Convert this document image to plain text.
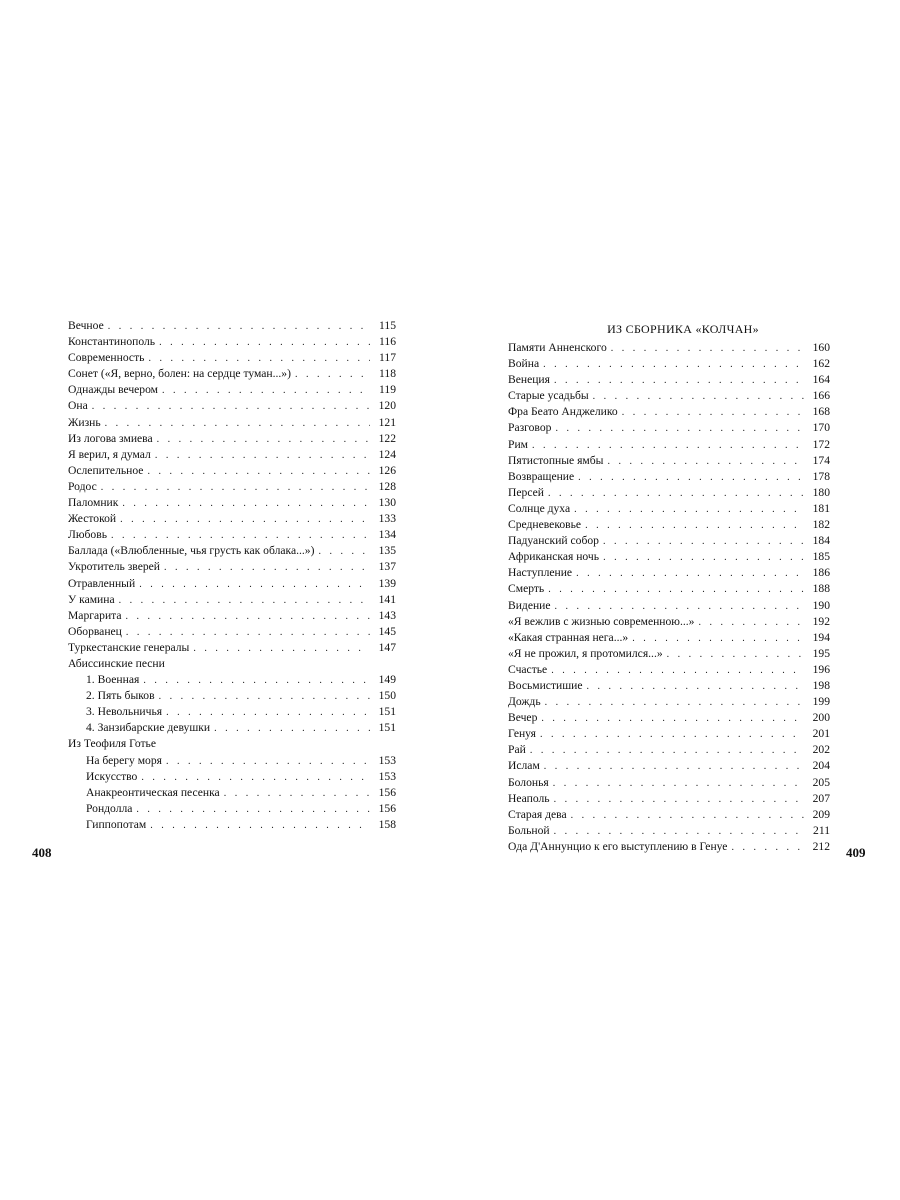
Вечное . . .	115
Константинополь . . .	116
Современность . . .	117
Сонет («Я, верно, болен: на сердце туман...») . . .	118
Однажды вечером . . .	119
Она . . .	120
Жизнь . . .	121
Из логова змиева . . .	122
Я верил, я думал . . .	124
Ослепительное . . .	126
Родос . . .	128
Паломник . . .	130
Жестокой . . .	133
Любовь . . .	134
Баллада («Влюбленные, чья грусть как облака...») . . .	135
Укротитель зверей . . .	137
Отравленный . . .	139
У камина . . .	141
Маргарита . . .	143
Оборванец . . .	145
Туркестанские генералы . . .	147
Абиссинские песни
1. Военная . . .	149
2. Пять быков . . .	150
3. Невольничья . . .	151
4. Занзибарские девушки . . .	151
Из Теофиля Готье
На берегу моря . . .	153
Искусство . . .	153
Анакреонтическая песенка . . .	156
Рондолла . . .	156
Гиппопотам . . .	158
408
ИЗ СБОРНИКА «КОЛЧАН»
Памяти Анненского . . .	160
Война . . .	162
Венеция . . .	164
Старые усадьбы . . .	166
Фра Беато Анджелико . . .	168
Разговор . . .	170
Рим . . .	172
Пятистопные ямбы . . .	174
Возвращение . . .	178
Персей . . .	180
Солнце духа . . .	181
Средневековье . . .	182
Падуанский собор . . .	184
Африканская ночь . . .	185
Наступление . . .	186
Смерть . . .	188
Видение . . .	190
«Я вежлив с жизнью современною...» . . .	192
«Какая странная нега...» . . .	194
«Я не прожил, я протомился...» . . .	195
Счастье . . .	196
Восьмистишие . . .	198
Дождь . . .	199
Вечер . . .	200
Генуя . . .	201
Рай . . .	202
Ислам . . .	204
Болонья . . .	205
Неаполь . . .	207
Старая дева . . .	209
Больной . . .	211
Ода Д'Аннунцио к его выступлению в Генуе . . .	212 409
